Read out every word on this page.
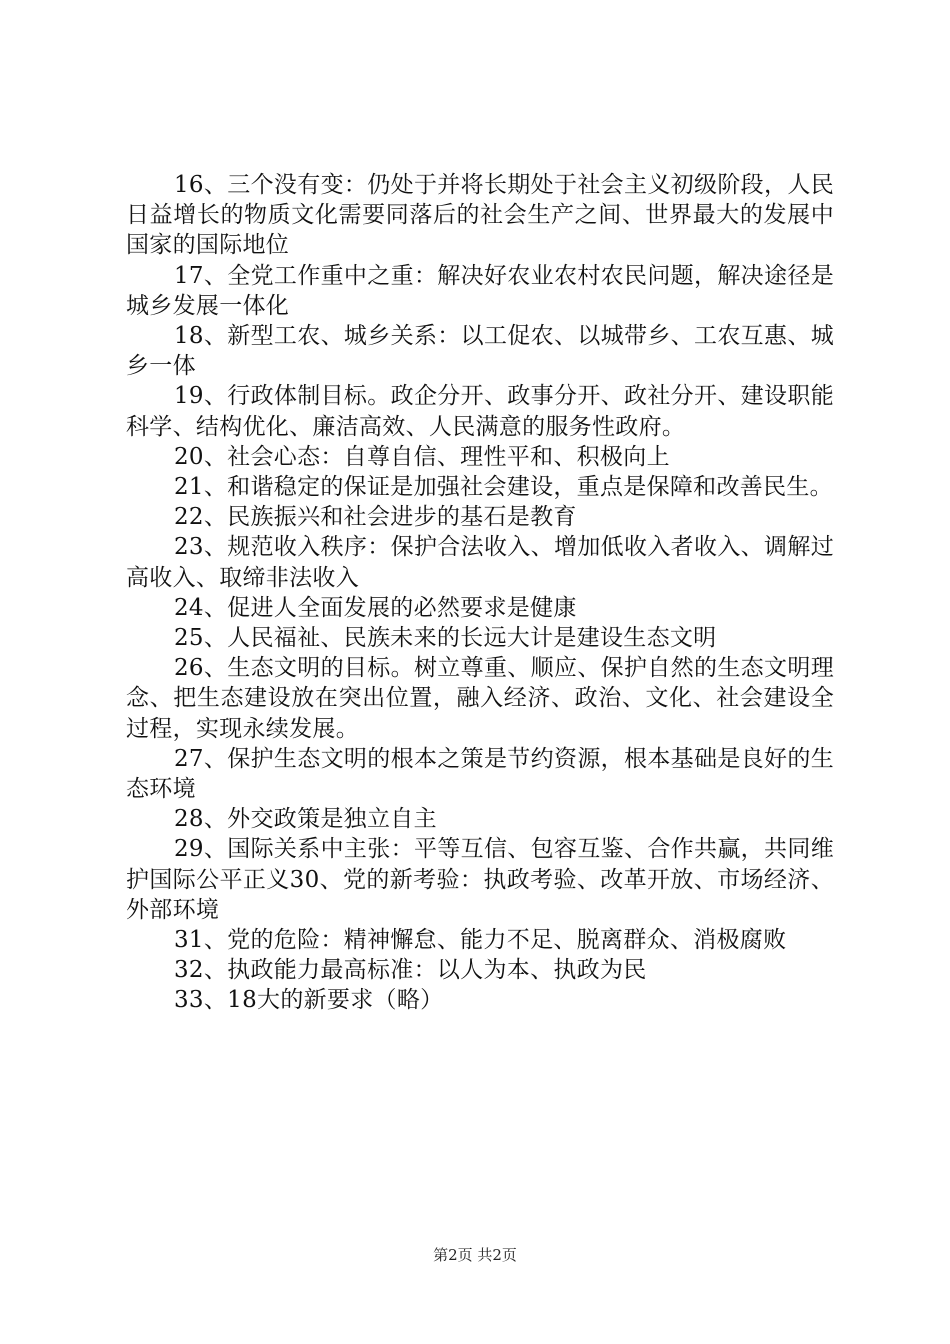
16、三个没有变：仍处于并将长期处于社会主义初级阶段，人民日益增长的物质文化需要同落后的社会生产之间、世界最大的发展中国家的国际地位

17、全党工作重中之重：解决好农业农村农民问题，解决途径是城乡发展一体化

18、新型工农、城乡关系：以工促农、以城带乡、工农互惠、城乡一体

19、行政体制目标。政企分开、政事分开、政社分开、建设职能科学、结构优化、廉洁高效、人民满意的服务性政府。

20、社会心态：自尊自信、理性平和、积极向上

21、和谐稳定的保证是加强社会建设，重点是保障和改善民生。

22、民族振兴和社会进步的基石是教育

23、规范收入秩序：保护合法收入、增加低收入者收入、调解过高收入、取缔非法收入

24、促进人全面发展的必然要求是健康

25、人民福祉、民族未来的长远大计是建设生态文明

26、生态文明的目标。树立尊重、顺应、保护自然的生态文明理念、把生态建设放在突出位置，融入经济、政治、文化、社会建设全过程，实现永续发展。

27、保护生态文明的根本之策是节约资源，根本基础是良好的生态环境

28、外交政策是独立自主

29、国际关系中主张：平等互信、包容互鉴、合作共赢，共同维护国际公平正义30、党的新考验：执政考验、改革开放、市场经济、外部环境

31、党的危险：精神懈怠、能力不足、脱离群众、消极腐败

32、执政能力最高标准：以人为本、执政为民

33、18大的新要求（略）

第2页 共2页
